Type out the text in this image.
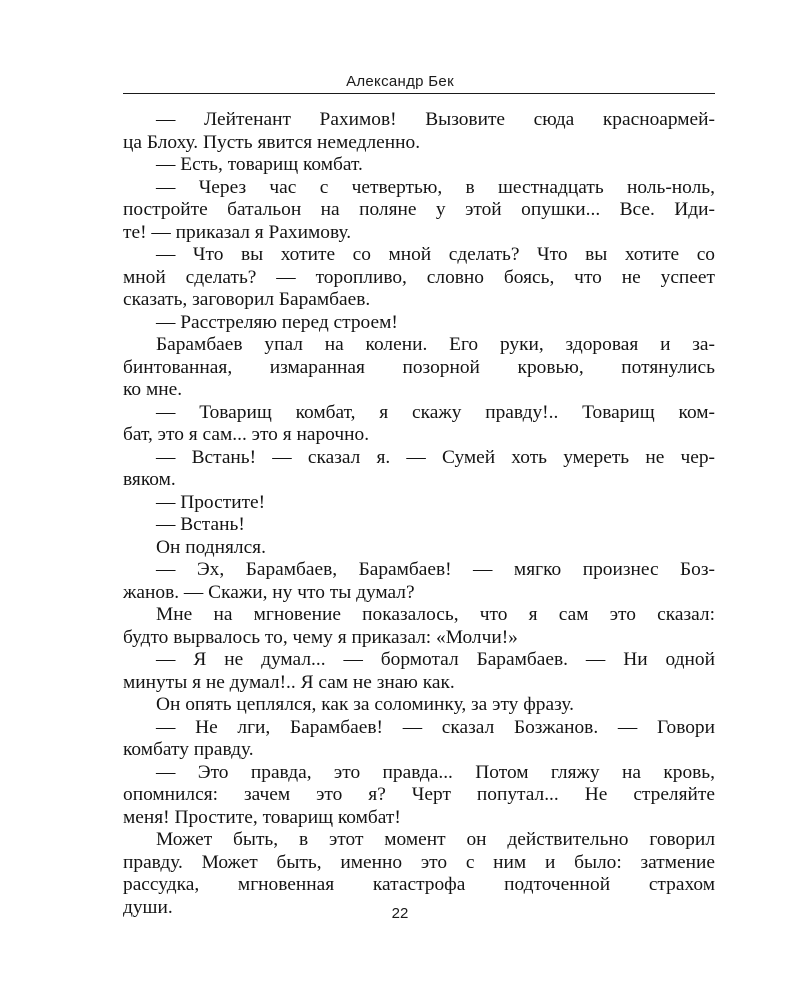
Александр Бек
— Лейтенант Рахимов! Вызовите сюда красноармей-
ца Блоху. Пусть явится немедленно.
— Есть, товарищ комбат.
— Через час с четвертью, в шестнадцать ноль-ноль,
постройте батальон на поляне у этой опушки... Все. Иди-
те! — приказал я Рахимову.
— Что вы хотите со мной сделать? Что вы хотите со
мной сделать? — торопливо, словно боясь, что не успеет
сказать, заговорил Барамбаев.
— Расстреляю перед строем!
Барамбаев упал на колени. Его руки, здоровая и за-
бинтованная, измаранная позорной кровью, потянулись
ко мне.
— Товарищ комбат, я скажу правду!.. Товарищ ком-
бат, это я сам... это я нарочно.
— Встань! — сказал я. — Сумей хоть умереть не чер-
вяком.
— Простите!
— Встань!
Он поднялся.
— Эх, Барамбаев, Барамбаев! — мягко произнес Боз-
жанов. — Скажи, ну что ты думал?
Мне на мгновение показалось, что я сам это сказал:
будто вырвалось то, чему я приказал: «Молчи!»
— Я не думал... — бормотал Барамбаев. — Ни одной
минуты я не думал!.. Я сам не знаю как.
Он опять цеплялся, как за соломинку, за эту фразу.
— Не лги, Барамбаев! — сказал Бозжанов. — Говори
комбату правду.
— Это правда, это правда... Потом гляжу на кровь,
опомнился: зачем это я? Черт попутал... Не стреляйте
меня! Простите, товарищ комбат!
Может быть, в этот момент он действительно говорил
правду. Может быть, именно это с ним и было: затмение
рассудка, мгновенная катастрофа подточенной страхом
души.	22
